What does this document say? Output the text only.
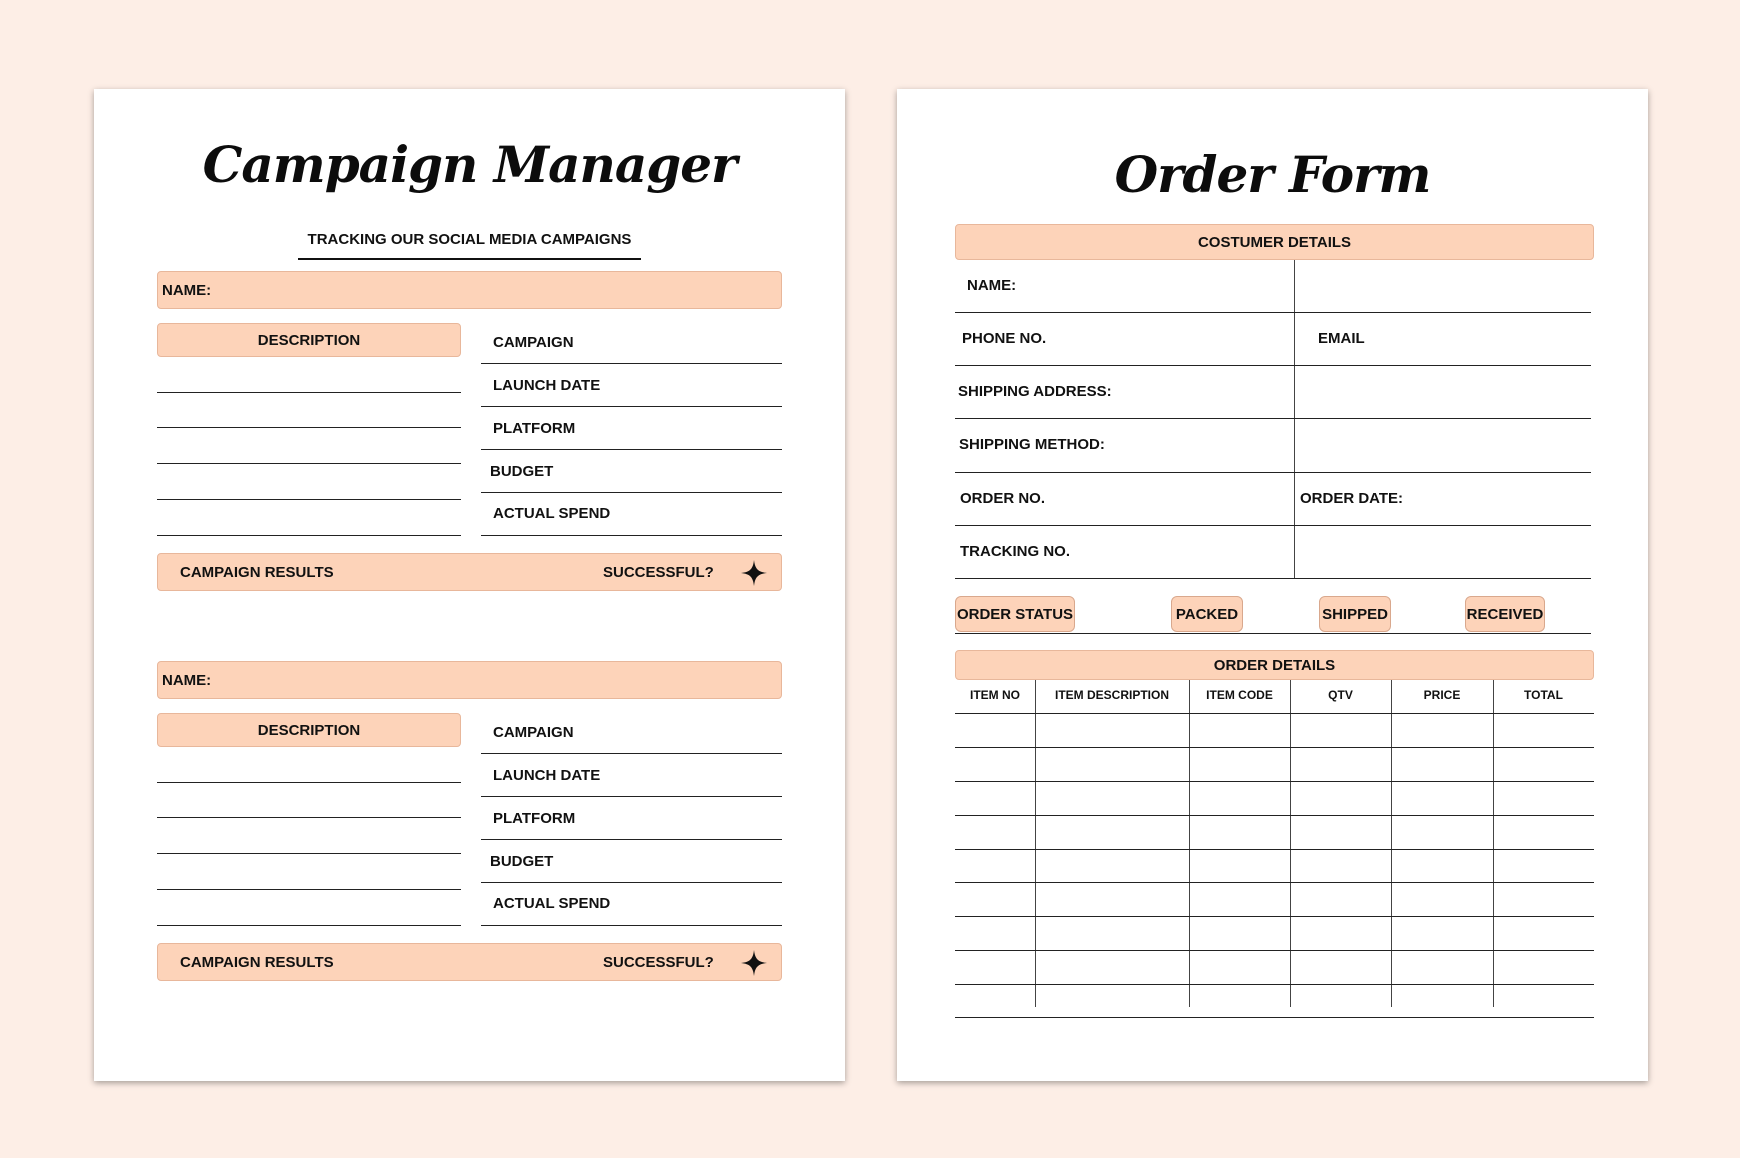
Campaign Manager
TRACKING OUR SOCIAL MEDIA CAMPAIGNS
NAME:
DESCRIPTION	CAMPAIGN
LAUNCH DATE
PLATFORM
BUDGET
ACTUAL SPEND
CAMPAIGN RESULTS	SUCCESSFUL?
NAME:
DESCRIPTION	CAMPAIGN
LAUNCH DATE
PLATFORM
BUDGET
ACTUAL SPEND
CAMPAIGN RESULTS	SUCCESSFUL?
Order Form
COSTUMER DETAILS
NAME:
PHONE NO.	EMAIL
SHIPPING ADDRESS:
SHIPPING METHOD:
ORDER NO.	ORDER DATE:
TRACKING NO.
ORDER STATUS	PACKED	SHIPPED	RECEIVED
ORDER DETAILS
ITEM NO	ITEM DESCRIPTION	ITEM CODE	QTV	PRICE	TOTAL
